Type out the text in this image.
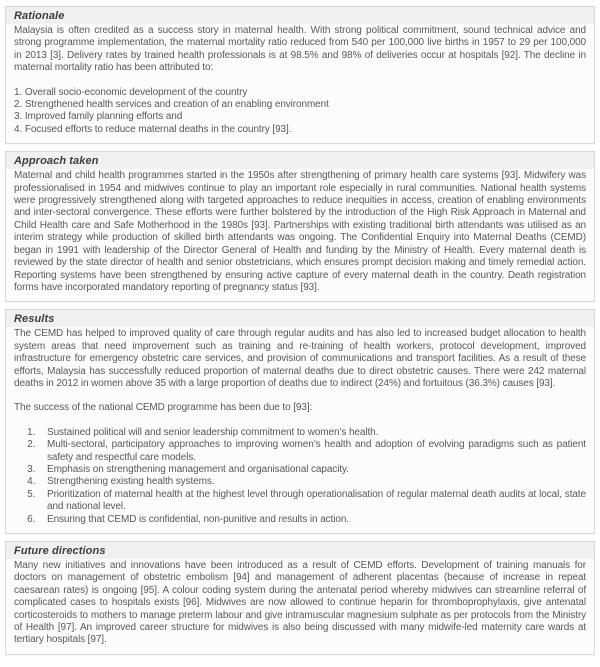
Rationale

Malaysia is often credited as a success story in maternal health. With strong political commitment, sound technical advice and strong programme implementation, the maternal mortality ratio reduced from 540 per 100,000 live births in 1957 to 29 per 100,000 in 2013 [3]. Delivery rates by trained health professionals is at 98.5% and 98% of deliveries occur at hospitals [92]. The decline in maternal mortality ratio has been attributed to:

1. Overall socio-economic development of the country
2. Strengthened health services and creation of an enabling environment
3. Improved family planning efforts and
4. Focused efforts to reduce maternal deaths in the country [93].
Approach taken

Maternal and child health programmes started in the 1950s after strengthening of primary health care systems [93]. Midwifery was professionalised in 1954 and midwives continue to play an important role especially in rural communities. National health systems were progressively strengthened along with targeted approaches to reduce inequities in access, creation of enabling environments and inter-sectoral convergence. These efforts were further bolstered by the introduction of the High Risk Approach in Maternal and Child Health care and Safe Motherhood in the 1980s [93]. Partnerships with existing traditional birth attendants was utilised as an interim strategy while production of skilled birth attendants was ongoing. The Confidential Enquiry into Maternal Deaths (CEMD) began in 1991 with leadership of the Director General of Health and funding by the Ministry of Health. Every maternal death is reviewed by the state director of health and senior obstetricians, which ensures prompt decision making and timely remedial action. Reporting systems have been strengthened by ensuring active capture of every maternal death in the country. Death registration forms have incorporated mandatory reporting of pregnancy status [93].

Results

The CEMD has helped to improved quality of care through regular audits and has also led to increased budget allocation to health system areas that need improvement such as training and re-training of health workers, protocol development, improved infrastructure for emergency obstetric care services, and provision of communications and transport facilities. As a result of these efforts, Malaysia has successfully reduced proportion of maternal deaths due to direct obstetric causes. There were 242 maternal deaths in 2012 in women above 35 with a large proportion of deaths due to indirect (24%) and fortuitous (36.3%) causes [93].

The success of the national CEMD programme has been due to [93]:

1. Sustained political will and senior leadership commitment to women’s health.
2. Multi-sectoral, participatory approaches to improving women’s health and adoption of evolving paradigms such as patient safety and respectful care models.
3. Emphasis on strengthening management and organisational capacity.
4. Strengthening existing health systems.
5. Prioritization of maternal health at the highest level through operationalisation of regular maternal death audits at local, state and national level.
6. Ensuring that CEMD is confidential, non-punitive and results in action.
Future directions

Many new initiatives and innovations have been introduced as a result of CEMD efforts. Development of training manuals for doctors on management of obstetric embolism [94] and management of adherent placentas (because of increase in repeat caesarean rates) is ongoing [95]. A colour coding system during the antenatal period whereby midwives can streamline referral of complicated cases to hospitals exists [96]. Midwives are now allowed to continue heparin for thromboprophylaxis, give antenatal corticosteroids to mothers to manage preterm labour and give intramuscular magnesium sulphate as per protocols from the Ministry of Health [97]. An improved career structure for midwives is also being discussed with many midwife-led maternity care wards at tertiary hospitals [97].
